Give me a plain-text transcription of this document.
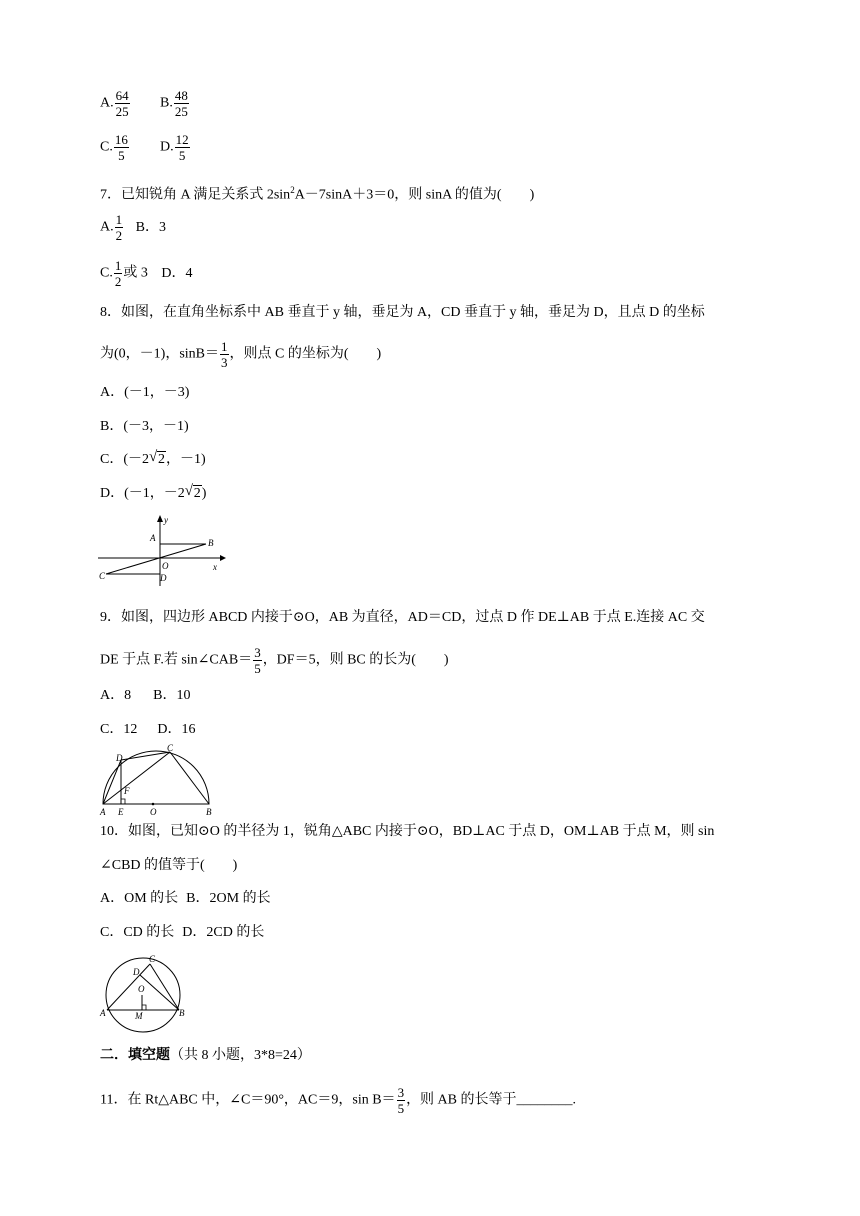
A. $\frac{64}{25} B$. $\frac{48}{25}$
C. $\frac{16}{5} D$. $\frac{12}{5}$
7．已知锐角 A 满足关系式 $2\sin^2A-7\sin A+3=0$，则 sinA 的值为(　　)
A. $\frac{1}{2}$ B．3
C. $\frac{1}{2}$ 或 3 D．4
8．如图，在直角坐标系中 AB 垂直于 y 轴，垂足为 A，CD 垂直于 y 轴，垂足为 D，且点 D 的坐标
为(0，－1)，$\sin B= \frac{1}{3}$ ，则点 C 的坐标为(　　)
A．(－1，－3)
B．(－3，－1)
C．(－2 √ 2，－1)
D．(－1，－2 √ 2)
y
x
A	B
C	D
O
9．如图，四边形 ABCD 内接于⊙O，AB 为直径，AD＝CD，过点 D 作 DE⊥AB 于点 E.连接 AC 交
DE 于点 F.若 sin∠CAB＝ $\frac{3}{5}$ ，DF＝5，则 BC 的长为(　　)
A．8 B．10
C．12 D．16
A	B
C
D
E
F
O
10．如图，已知⊙O 的半径为 1，锐角△ABC 内接于⊙O，BD⊥AC 于点 D，OM⊥AB 于点 M，则 sin
∠CBD 的值等于(　　)
A．OM 的长 B．2OM 的长
C．CD 的长 D．2CD 的长
A	B
C
D
O
M
二．填空题（共 8 小题，3*8=24）
11．在 Rt△ABC 中，∠C＝90°，AC＝9，$\sin B= \frac{3}{5}$ ，则 AB 的长等于________.
